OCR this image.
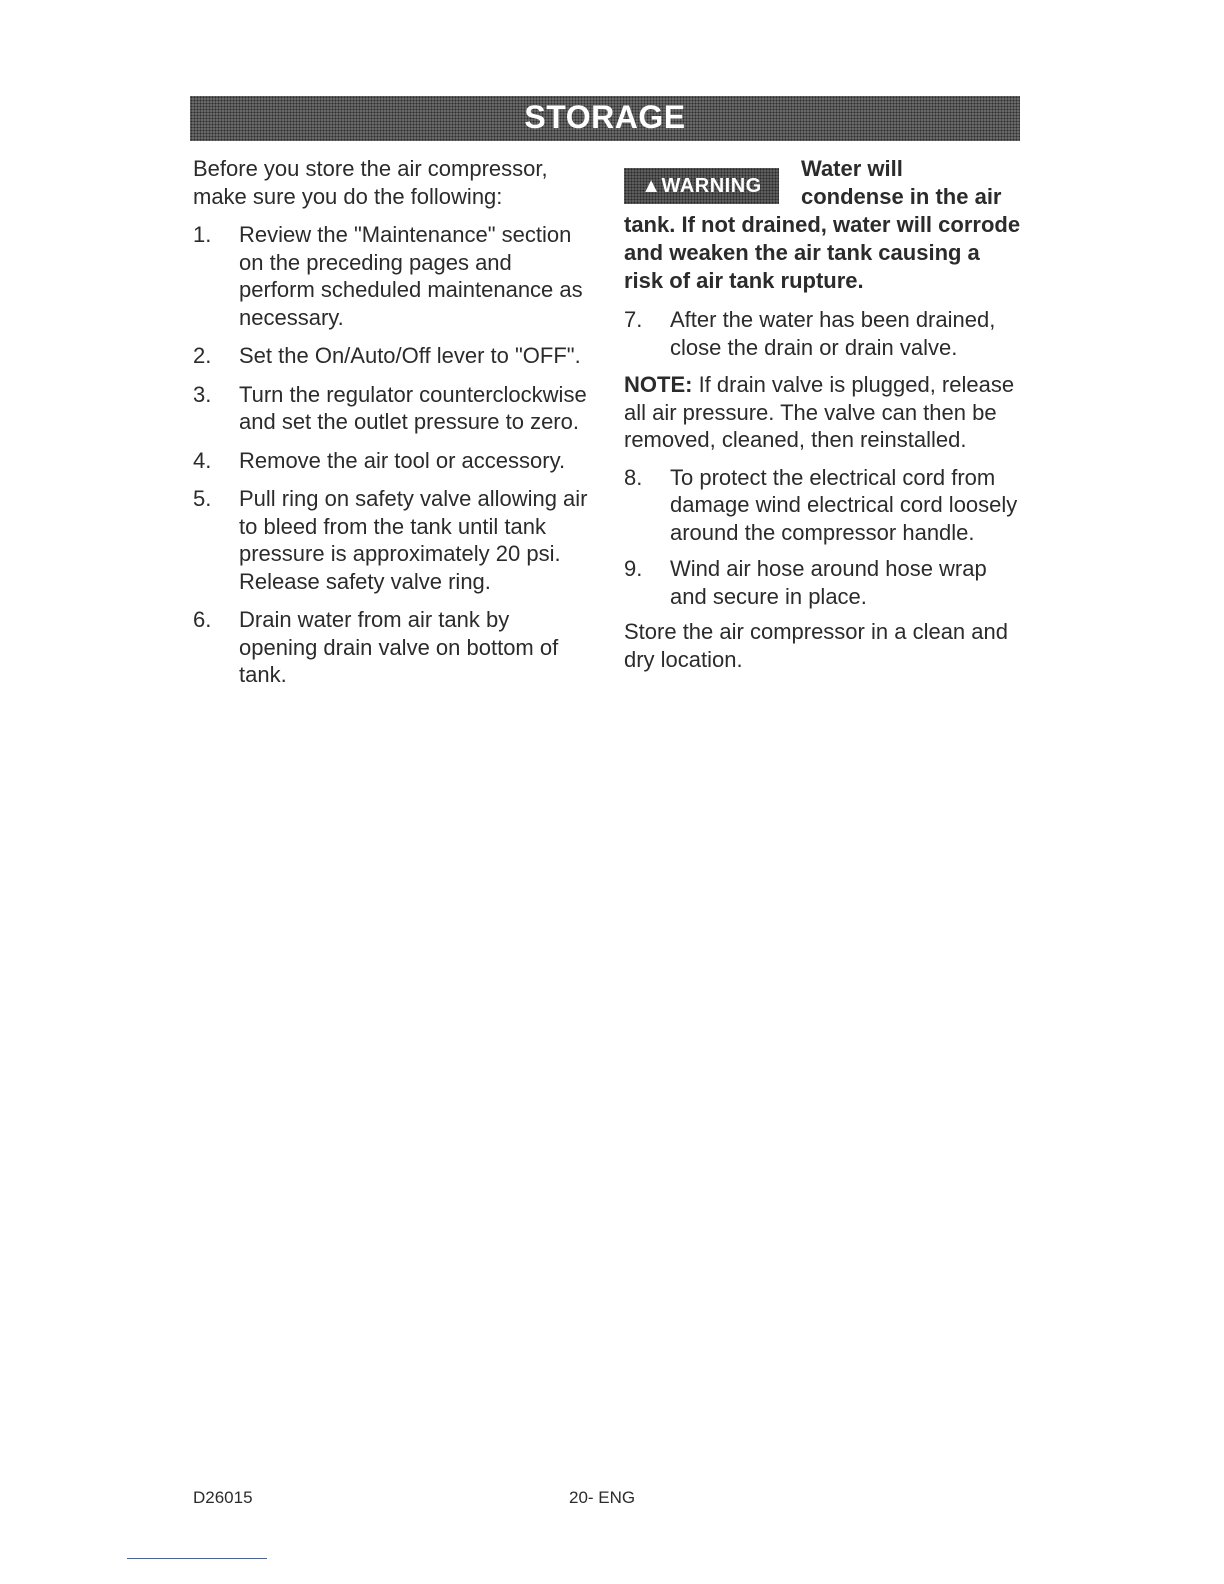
STORAGE

Before you store the air compressor, make sure you do the following:

1. Review the "Maintenance" section on the preceding pages and perform scheduled maintenance as necessary.
2. Set the On/Auto/Off lever to "OFF".
3. Turn the regulator counterclockwise and set the outlet pressure to zero.
4. Remove the air tool or accessory.
5. Pull ring on safety valve allowing air to bleed from the tank until tank pressure is approximately 20 psi. Release safety valve ring.
6. Drain water from air tank by opening drain valve on bottom of tank.
▲WARNING
Water will
condense in the air
tank. If not drained, water will corrode and weaken the air tank causing a risk of air tank rupture.
7. After the water has been drained, close the drain or drain valve.

NOTE: If drain valve is plugged, release all air pressure. The valve can then be removed, cleaned, then reinstalled.

8. To protect the electrical cord from damage wind electrical cord loosely around the compressor handle.
9. Wind air hose around hose wrap and secure in place.

Store the air compressor in a clean and dry location.

D26015	20- ENG
